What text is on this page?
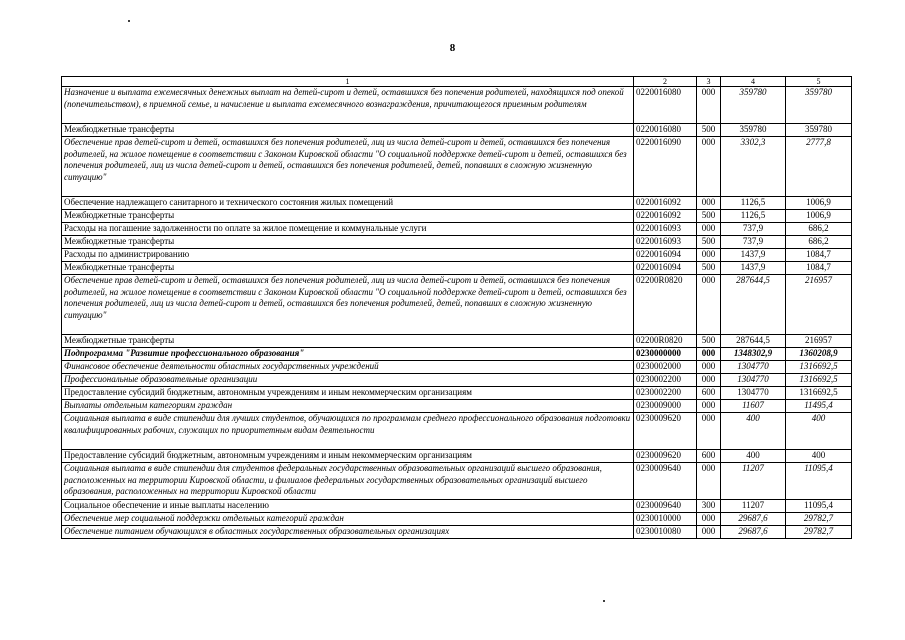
8
1	2	3	4	5
Назначение и выплата ежемесячных денежных выплат на детей-сирот и детей, оставшихся без попечения родителей, находящихся под опекой (попечительством), в приемной семье, и начисление и выплата ежемесячного вознаграждения, причитающегося приемным родителям	0220016080	000	359780	359780
Межбюджетные трансферты	0220016080	500	359780	359780
Обеспечение прав детей-сирот и детей, оставшихся без попечения родителей, лиц из числа детей-сирот и детей, оставшихся без попечения родителей, на жилое помещение в соответствии с Законом Кировской области "О социальной поддержке детей-сирот и детей, оставшихся без попечения родителей, лиц из числа детей-сирот и детей, оставшихся без попечения родителей, детей, попавших в сложную жизненную ситуацию"	0220016090	000	3302,3	2777,8
Обеспечение надлежащего санитарного и технического состояния жилых помещений	0220016092	000	1126,5	1006,9
Межбюджетные трансферты	0220016092	500	1126,5	1006,9
Расходы на погашение задолженности по оплате за жилое помещение и коммунальные услуги	0220016093	000	737,9	686,2
Межбюджетные трансферты	0220016093	500	737,9	686,2
Расходы по администрированию	0220016094	000	1437,9	1084,7
Межбюджетные трансферты	0220016094	500	1437,9	1084,7
Обеспечение прав детей-сирот и детей, оставшихся без попечения родителей, лиц из числа детей-сирот и детей, оставшихся без попечения родителей, на жилое помещение в соответствии с Законом Кировской области "О социальной поддержке детей-сирот и детей, оставшихся без попечения родителей, лиц из числа детей-сирот и детей, оставшихся без попечения родителей, детей, попавших в сложную жизненную ситуацию"	02200R0820	000	287644,5	216957
Межбюджетные трансферты	02200R0820	500	287644,5	216957
Подпрограмма "Развитие профессионального образования"	0230000000	000	1348302,9	1360208,9
Финансовое обеспечение деятельности областных государственных учреждений	0230002000	000	1304770	1316692,5
Профессиональные образовательные организации	0230002200	000	1304770	1316692,5
Предоставление субсидий бюджетным, автономным учреждениям и иным некоммерческим организациям	0230002200	600	1304770	1316692,5
Выплаты отдельным категориям граждан	0230009000	000	11607	11495,4
Социальная выплата в виде стипендии для лучших студентов, обучающихся по программам среднего профессионального образования подготовки квалифицированных рабочих, служащих по приоритетным видам деятельности	0230009620	000	400	400
Предоставление субсидий бюджетным, автономным учреждениям и иным некоммерческим организациям	0230009620	600	400	400
Социальная выплата в виде стипендии для студентов федеральных государственных образовательных организаций высшего образования, расположенных на территории Кировской области, и филиалов федеральных государственных образовательных организаций высшего образования, расположенных на территории Кировской области	0230009640	000	11207	11095,4
Социальное обеспечение и иные выплаты населению	0230009640	300	11207	11095,4
Обеспечение мер социальной поддержки отдельных категорий граждан	0230010000	000	29687,6	29782,7
Обеспечение питанием обучающихся в областных государственных образовательных организациях	0230010080	000	29687,6	29782,7
